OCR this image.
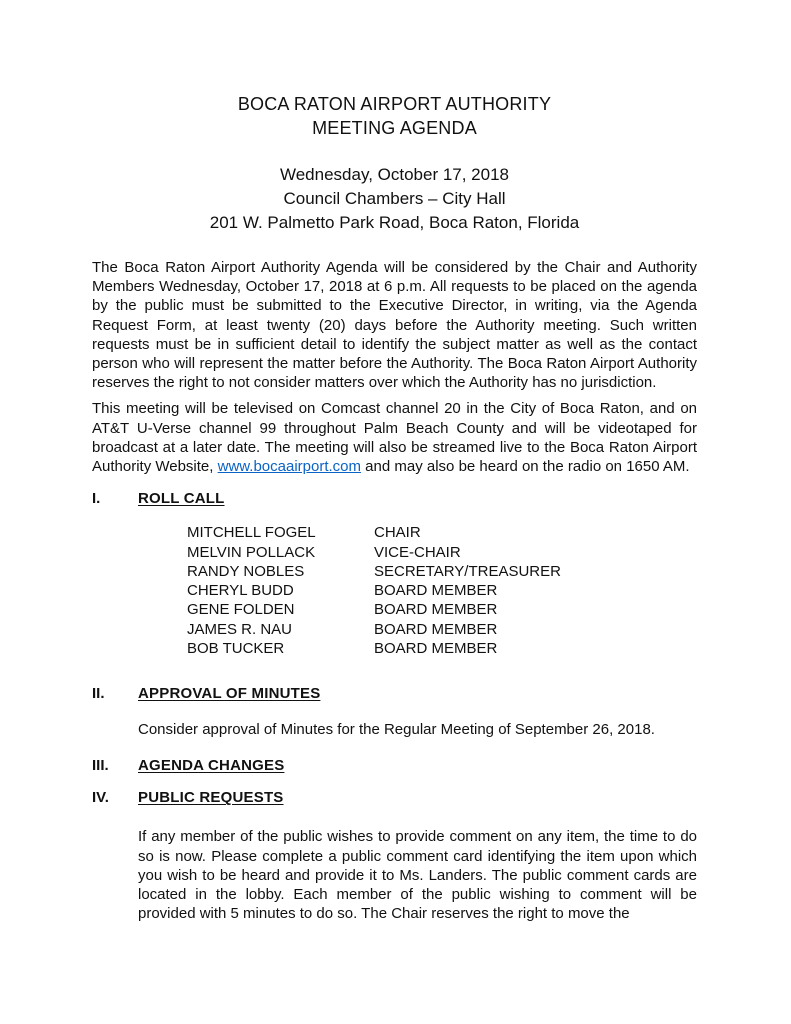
BOCA RATON AIRPORT AUTHORITY
MEETING AGENDA
Wednesday, October 17, 2018
Council Chambers – City Hall
201 W. Palmetto Park Road, Boca Raton, Florida
The Boca Raton Airport Authority Agenda will be considered by the Chair and Authority Members Wednesday, October 17, 2018 at 6 p.m. All requests to be placed on the agenda by the public must be submitted to the Executive Director, in writing, via the Agenda Request Form, at least twenty (20) days before the Authority meeting. Such written requests must be in sufficient detail to identify the subject matter as well as the contact person who will represent the matter before the Authority. The Boca Raton Airport Authority reserves the right to not consider matters over which the Authority has no jurisdiction.
This meeting will be televised on Comcast channel 20 in the City of Boca Raton, and on AT&T U-Verse channel 99 throughout Palm Beach County and will be videotaped for broadcast at a later date. The meeting will also be streamed live to the Boca Raton Airport Authority Website, www.bocaairport.com and may also be heard on the radio on 1650 AM.
I.	ROLL CALL
MITCHELL FOGEL	CHAIR
MELVIN POLLACK	VICE-CHAIR
RANDY NOBLES	SECRETARY/TREASURER
CHERYL BUDD	BOARD MEMBER
GENE FOLDEN	BOARD MEMBER
JAMES R. NAU	BOARD MEMBER
BOB TUCKER	BOARD MEMBER
II.	APPROVAL OF MINUTES
Consider approval of Minutes for the Regular Meeting of September 26, 2018.
III.	AGENDA CHANGES
IV.	PUBLIC REQUESTS
If any member of the public wishes to provide comment on any item, the time to do so is now. Please complete a public comment card identifying the item upon which you wish to be heard and provide it to Ms. Landers. The public comment cards are located in the lobby. Each member of the public wishing to comment will be provided with 5 minutes to do so. The Chair reserves the right to move the
